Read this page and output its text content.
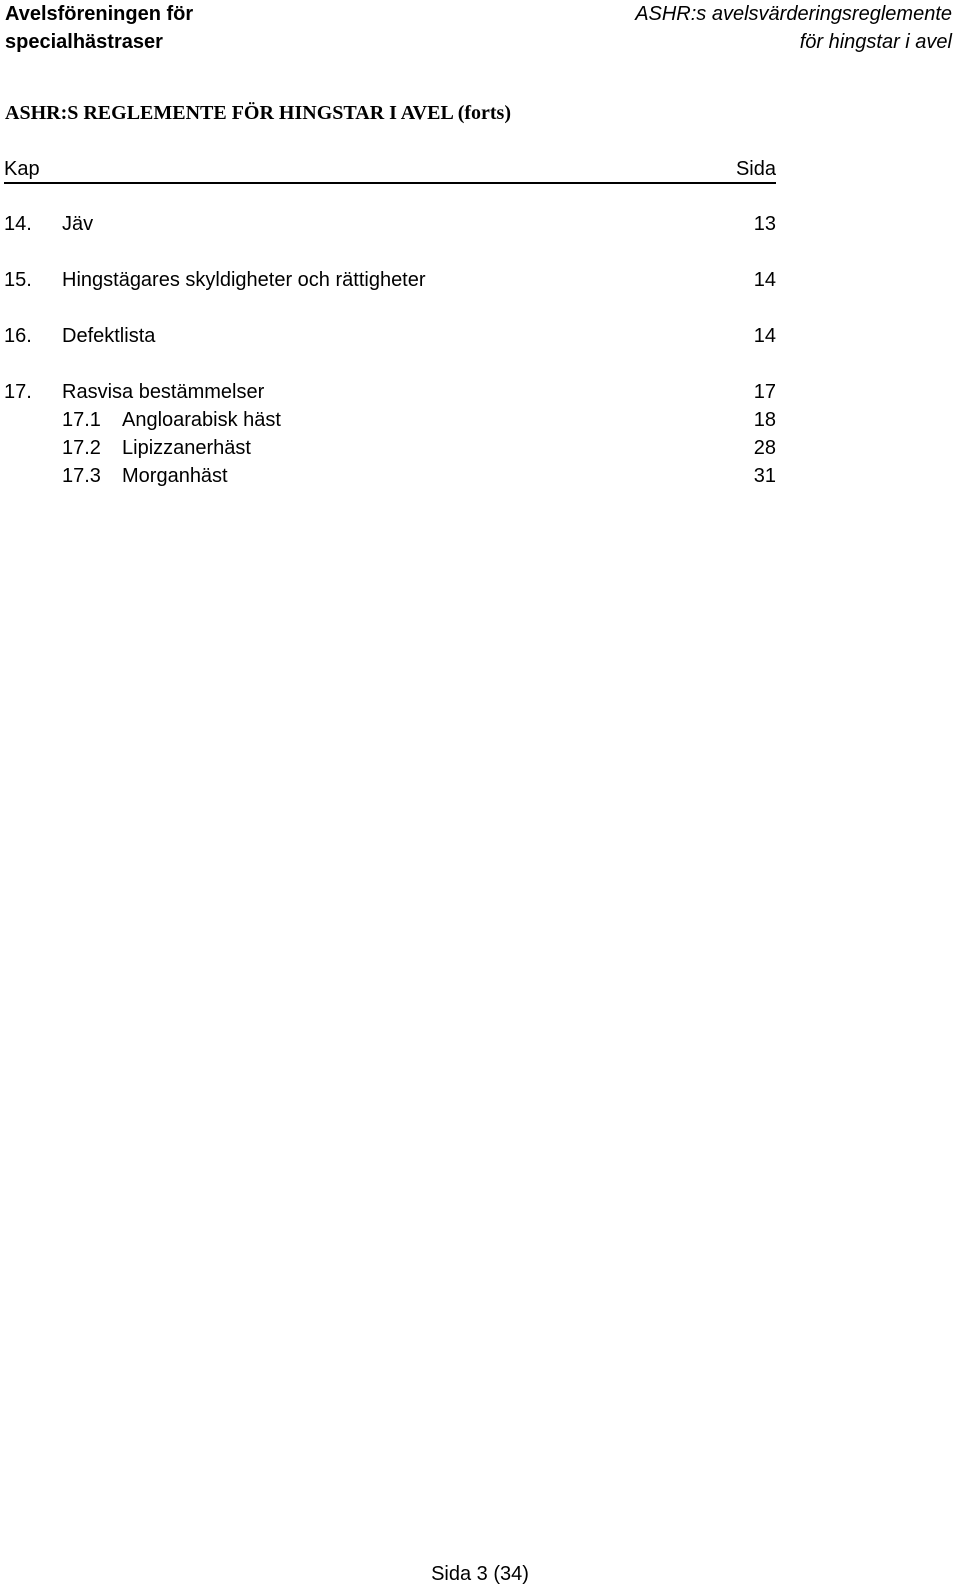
Avelsföreningen för
specialhästraser
ASHR:s avelsvärderingsreglemente
för hingstar i avel
ASHR:S REGLEMENTE FÖR HINGSTAR I AVEL (forts)
Kap	Sida
14. Jäv	13
15. Hingstägares skyldigheter och rättigheter	14
16. Defektlista	14
17. Rasvisa bestämmelser	17
17.1 Angloarabisk häst	18
17.2 Lipizzanerhäst	28
17.3 Morganhäst	31
Sida 3 (34)
